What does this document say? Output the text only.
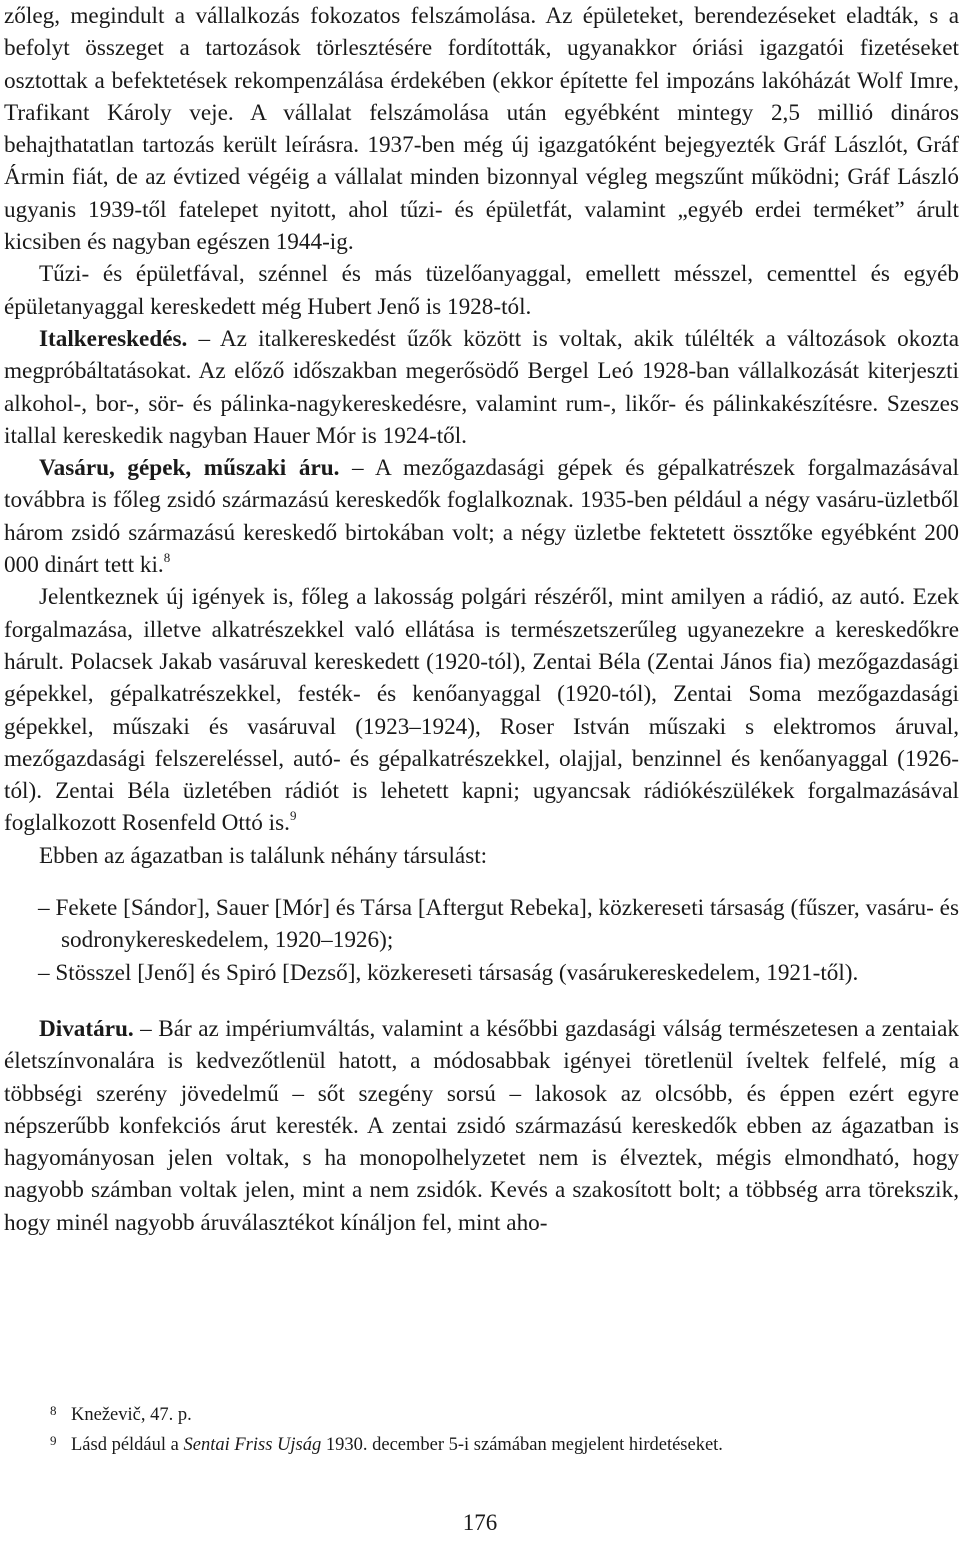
zőleg, megindult a vállalkozás fokozatos felszámolása. Az épületeket, berendezéseket eladták, s a befolyt összeget a tartozások törlesztésére fordították, ugyanakkor óriási igazgatói fizetéseket osztottak a befektetések rekompenzálása érdekében (ekkor építette fel impozáns lakóházát Wolf Imre, Trafikant Károly veje. A vállalat felszámolása után egyébként mintegy 2,5 millió dináros behajthatatlan tartozás került leírásra. 1937-ben még új igazgatóként bejegyezték Gráf Lászlót, Gráf Ármin fiát, de az évtized végéig a vállalat minden bizonnyal végleg megszűnt működni; Gráf László ugyanis 1939-től fatelepet nyitott, ahol tűzi- és épületfát, valamint „egyéb erdei terméket” árult kicsiben és nagyban egészen 1944-ig.

Tűzi- és épületfával, szénnel és más tüzelőanyaggal, emellett mésszel, cementtel és egyéb épületanyaggal kereskedett még Hubert Jenő is 1928-tól.

Italkereskedés. – Az italkereskedést űzők között is voltak, akik túlélték a változások okozta megpróbáltatásokat. Az előző időszakban megerősödő Bergel Leó 1928-ban vállalkozását kiterjeszti alkohol-, bor-, sör- és pálinka-nagykereskedésre, valamint rum-, likőr- és pálinkakészítésre. Szeszes itallal kereskedik nagyban Hauer Mór is 1924-től.

Vasáru, gépek, műszaki áru. – A mezőgazdasági gépek és gépalkatrészek forgalmazásával továbbra is főleg zsidó származású kereskedők foglalkoznak. 1935-ben például a négy vasáru-üzletből három zsidó származású kereskedő birtokában volt; a négy üzletbe fektetett össztőke egyébként 200 000 dinárt tett ki.$^8$

Jelentkeznek új igények is, főleg a lakosság polgári részéről, mint amilyen a rádió, az autó. Ezek forgalmazása, illetve alkatrészekkel való ellátása is természetszerűleg ugyanezekre a kereskedőkre hárult. Polacsek Jakab vasáruval kereskedett (1920-tól), Zentai Béla (Zentai János fia) mezőgazdasági gépekkel, gépalkatrészekkel, festék- és kenőanyaggal (1920-tól), Zentai Soma mezőgazdasági gépekkel, műszaki és vasáruval (1923–1924), Roser István műszaki s elektromos áruval, mezőgazdasági felszereléssel, autó- és gépalkatrészekkel, olajjal, benzinnel és kenőanyaggal (1926-tól). Zentai Béla üzletében rádiót is lehetett kapni; ugyancsak rádiókészülékek forgalmazásával foglalkozott Rosenfeld Ottó is.$^9$

Ebben az ágazatban is találunk néhány társulást:

– Fekete [Sándor], Sauer [Mór] és Társa [Aftergut Rebeka], közkereseti társaság (fűszer, vasáru- és sodronykereskedelem, 1920–1926);
– Stösszel [Jenő] és Spiró [Dezső], közkereseti társaság (vasárukereskedelem, 1921-től).

Divatáru. – Bár az impériumváltás, valamint a későbbi gazdasági válság természetesen a zentaiak életszínvonalára is kedvezőtlenül hatott, a módosabbak igényei töretlenül íveltek felfelé, míg a többségi szerény jövedelmű – sőt szegény sorsú – lakosok az olcsóbb, és éppen ezért egyre népszerűbb konfekciós árut keresték. A zentai zsidó származású kereskedők ebben az ágazatban is hagyományosan jelen voltak, s ha monopolhelyzetet nem is élveztek, mégis elmondható, hogy nagyobb számban voltak jelen, mint a nem zsidók. Kevés a szakosított bolt; a többség arra törekszik, hogy minél nagyobb áruválasztékot kínáljon fel, mint aho-

8 Kneževič, 47. p.
9 Lásd például a Sentai Friss Ujság 1930. december 5-i számában megjelent hirdetéseket.
176
